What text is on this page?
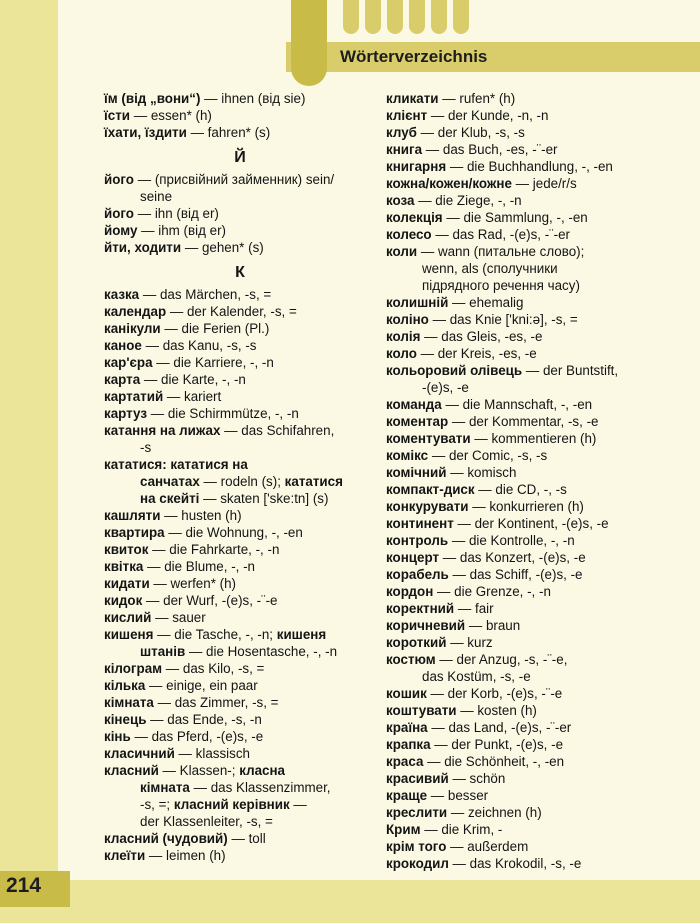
Wörterverzeichnis
їм (від „вони“) — ihnen (від sie)
їсти — essen* (h)
їхати, їздити — fahren* (s)
Й
його — (присвійний займенник) sein/
seine
його — ihn (від er)
йому — ihm (від er)
йти, ходити — gehen* (s)
К
казка — das Märchen, -s, =
календар — der Kalender, -s, =
канікули — die Ferien (Pl.)
каное — das Kanu, -s, -s
кар'єра — die Karriere, -, -n
карта — die Karte, -, -n
картатий — kariert
картуз — die Schirmmütze, -, -n
катання на лижах — das Schifahren,
-s
кататися: кататися на
санчатах — rodeln (s); кататися
на скейті — skaten ['ske:tn] (s)
кашляти — husten (h)
квартира — die Wohnung, -, -en
квиток — die Fahrkarte, -, -n
квітка — die Blume, -, -n
кидати — werfen* (h)
кидок — der Wurf, -(e)s, -¨-e
кислий — sauer
кишеня — die Tasche, -, -n; кишеня
штанів — die Hosentasche, -, -n
кілограм — das Kilo, -s, =
кілька — einige, ein paar
кімната — das Zimmer, -s, =
кінець — das Ende, -s, -n
кінь — das Pferd, -(e)s, -e
класичний — klassisch
класний — Klassen-; класна
кімната — das Klassenzimmer,
-s, =; класний керівник —
der Klassenleiter, -s, =
класний (чудовий) — toll
клеїти — leimen (h)
кликати — rufen* (h)
клієнт — der Kunde, -n, -n
клуб — der Klub, -s, -s
книга — das Buch, -es, -¨-er
книгарня — die Buchhandlung, -, -en
кожна/кожен/кожне — jede/r/s
коза — die Ziege, -, -n
колекція — die Sammlung, -, -en
колесо — das Rad, -(e)s, -¨-er
коли — wann (питальне слово);
wenn, als (сполучники
підрядного речення часу)
колишній — ehemalig
коліно — das Knie ['kni:ə], -s, =
колія — das Gleis, -es, -e
коло — der Kreis, -es, -e
кольоровий олівець — der Buntstift,
-(e)s, -e
команда — die Mannschaft, -, -en
коментар — der Kommentar, -s, -e
коментувати — kommentieren (h)
комікс — der Comic, -s, -s
комічний — komisch
компакт-диск — die CD, -, -s
конкурувати — konkurrieren (h)
континент — der Kontinent, -(e)s, -e
контроль — die Kontrolle, -, -n
концерт — das Konzert, -(e)s, -e
корабель — das Schiff, -(e)s, -e
кордон — die Grenze, -, -n
коректний — fair
коричневий — braun
короткий — kurz
костюм — der Anzug, -s, -¨-e,
das Kostüm, -s, -e
кошик — der Korb, -(e)s, -¨-e
коштувати — kosten (h)
країна — das Land, -(e)s, -¨-er
крапка — der Punkt, -(e)s, -e
краса — die Schönheit, -, -en
красивий — schön
краще — besser
креслити — zeichnen (h)
Крим — die Krim, -
крім того — außerdem
крокодил — das Krokodil, -s, -e
214
